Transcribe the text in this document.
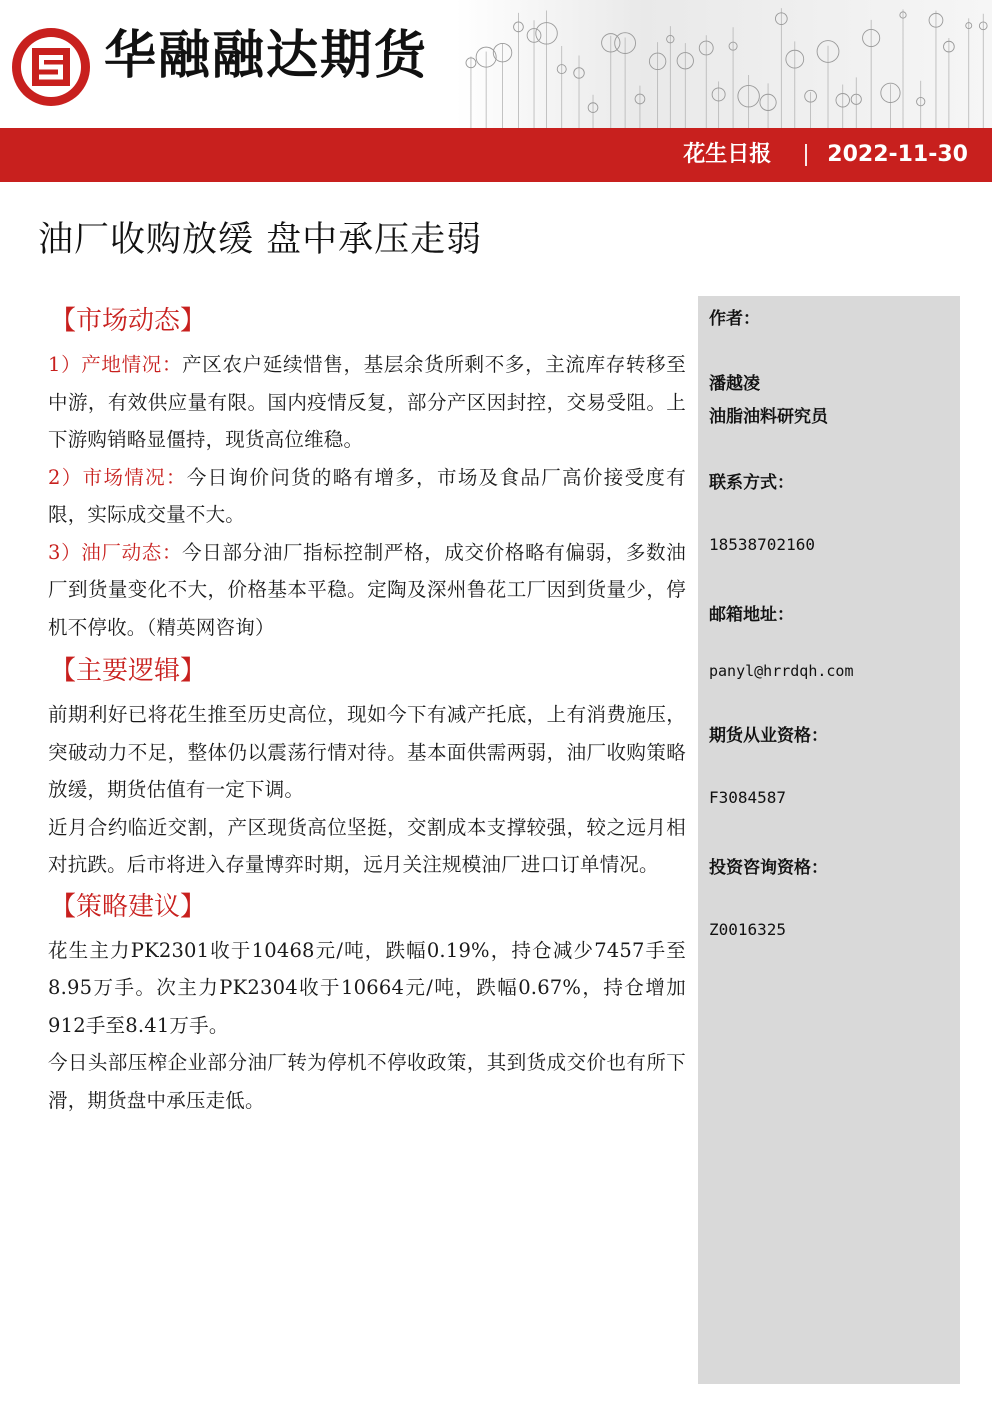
华融融达期货
花生日报	2022-11-30
油厂收购放缓 盘中承压走弱
【市场动态】

1）产地情况：产区农户延续惜售，基层余货所剩不多，主流库存转移至中游，有效供应量有限。国内疫情反复，部分产区因封控，交易受阻。上下游购销略显僵持，现货高位维稳。

2）市场情况：今日询价问货的略有增多，市场及食品厂高价接受度有限，实际成交量不大。

3）油厂动态：今日部分油厂指标控制严格，成交价格略有偏弱，多数油厂到货量变化不大，价格基本平稳。定陶及深州鲁花工厂因到货量少，停机不停收。（精英网咨询）

【主要逻辑】

前期利好已将花生推至历史高位，现如今下有减产托底，上有消费施压，突破动力不足，整体仍以震荡行情对待。基本面供需两弱，油厂收购策略放缓，期货估值有一定下调。

近月合约临近交割，产区现货高位坚挺，交割成本支撑较强，较之远月相对抗跌。后市将进入存量博弈时期，远月关注规模油厂进口订单情况。

【策略建议】

花生主力PK2301收于10468元/吨，跌幅0.19%，持仓减少7457手至8.95万手。次主力PK2304收于10664元/吨，跌幅0.67%，持仓增加912手至8.41万手。

今日头部压榨企业部分油厂转为停机不停收政策，其到货成交价也有所下滑，期货盘中承压走低。

作者：
潘越凌
油脂油料研究员
联系方式：
18538702160
邮箱地址：
panyl@hrrdqh.com
期货从业资格：
F3084587
投资咨询资格：
Z0016325
